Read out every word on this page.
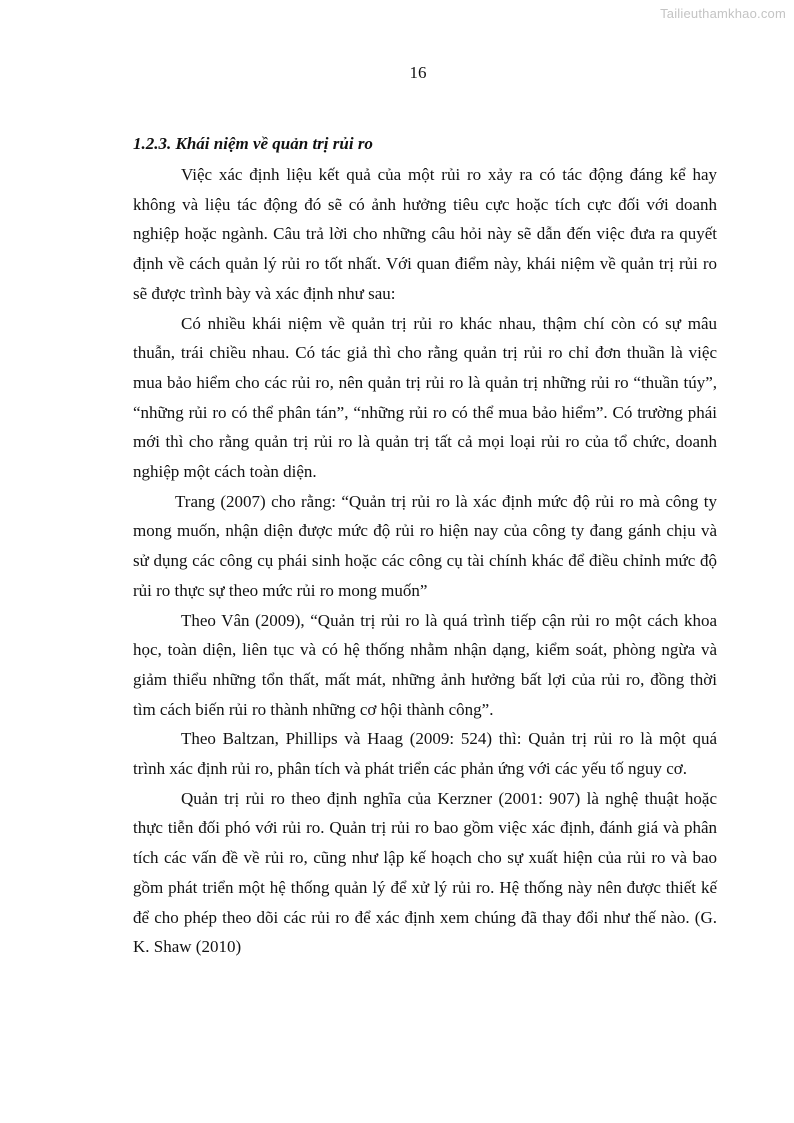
Tailieuthamkhao.com
16

1.2.3. Khái niệm về quản trị rủi ro

Việc xác định liệu kết quả của một rủi ro xảy ra có tác động đáng kể hay không và liệu tác động đó sẽ có ảnh hưởng tiêu cực hoặc tích cực đối với doanh nghiệp hoặc ngành. Câu trả lời cho những câu hỏi này sẽ dẫn đến việc đưa ra quyết định về cách quản lý rủi ro tốt nhất. Với quan điểm này, khái niệm về quản trị rủi ro sẽ được trình bày và xác định như sau:

Có nhiều khái niệm về quản trị rủi ro khác nhau, thậm chí còn có sự mâu thuẫn, trái chiều nhau. Có tác giả thì cho rằng quản trị rủi ro chỉ đơn thuần là việc mua bảo hiểm cho các rủi ro, nên quản trị rủi ro là quản trị những rủi ro “thuần túy”, “những rủi ro có thể phân tán”, “những rủi ro có thể mua bảo hiểm”. Có trường phái mới thì cho rằng quản trị rủi ro là quản trị tất cả mọi loại rủi ro của tổ chức, doanh nghiệp một cách toàn diện.

Trang (2007) cho rằng: “Quản trị rủi ro là xác định mức độ rủi ro mà công ty mong muốn, nhận diện được mức độ rủi ro hiện nay của công ty đang gánh chịu và sử dụng các công cụ phái sinh hoặc các công cụ tài chính khác để điều chỉnh mức độ rủi ro thực sự theo mức rủi ro mong muốn”

Theo Vân (2009), “Quản trị rủi ro là quá trình tiếp cận rủi ro một cách khoa học, toàn diện, liên tục và có hệ thống nhằm nhận dạng, kiểm soát, phòng ngừa và giảm thiểu những tổn thất, mất mát, những ảnh hưởng bất lợi của rủi ro, đồng thời tìm cách biến rủi ro thành những cơ hội thành công”.

Theo Baltzan, Phillips và Haag (2009: 524) thì: Quản trị rủi ro là một quá trình xác định rủi ro, phân tích và phát triển các phản ứng với các yếu tố nguy cơ.

Quản trị rủi ro theo định nghĩa của Kerzner (2001: 907) là nghệ thuật hoặc thực tiễn đối phó với rủi ro. Quản trị rủi ro bao gồm việc xác định, đánh giá và phân tích các vấn đề về rủi ro, cũng như lập kế hoạch cho sự xuất hiện của rủi ro và bao gồm phát triển một hệ thống quản lý để xử lý rủi ro. Hệ thống này nên được thiết kế để cho phép theo dõi các rủi ro để xác định xem chúng đã thay đổi như thế nào. (G. K. Shaw (2010)
